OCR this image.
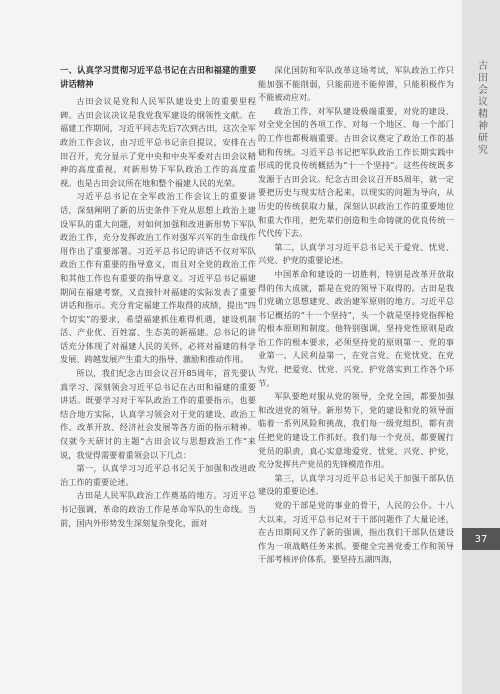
一、认真学习贯彻习近平总书记在古田和福建的重要讲话精神

古田会议是党和人民军队建设史上的重要里程碑。古田会议决议是我党我军建设的纲领性文献。在福建工作期间，习近平同志先后7次到古田，这次全军政治工作会议，由习近平总书记亲自提议，安排在古田召开，充分显示了党中央和中央军委对古田会议精神的高度重视，对新形势下军队政治工作的高度重视。也是古田会议所在地和整个福建人民的光荣。

习近平总书记在全军政治工作会议上的重要讲话，深刻阐明了新的历史条件下党从思想上政治上建设军队的重大问题，对如何加强和改进新形势下军队政治工作，充分发挥政治工作对强军兴军的生命线作用作出了重要部署。习近平总书记的讲话不仅对军队政治工作有重要的指导意义，而且对全党的政治工作和其他工作也有重要的指导意义。习近平总书记福建期间在福建考察，又直接针对福建的实际发表了重要讲话和指示。充分肯定福建工作取得的成绩，提出“四个切实”的要求，希望福建抓住难得机遇，建设机制活、产业优、百姓富、生态美的新福建。总书记的讲话充分体现了对福建人民的关怀，必将对福建的科学发展、跨越发展产生重大的指导、激励和推动作用。

所以，我们纪念古田会议召开85周年，首先要认真学习、深刻领会习近平总书记在古田和福建的重要讲话。既要学习对于军队政治工作的重要指示，也要结合地方实际，认真学习领会对于党的建设、政治工作、改革开放、经济社会发展等各方面的指示精神。仅就今天研讨的主题“古田会议与思想政治工作”来说，我觉得需要着重领会以下几点：

第一，认真学习习近平总书记关于加强和改进政治工作的重要论述。

古田是人民军队政治工作奠基的地方。习近平总书记强调，革命的政治工作是革命军队的生命线。当前，国内外形势发生深刻复杂变化，面对

深化国防和军队改革这场考试，军队政治工作只能加强不能削弱，只能前进不能停滞，只能积极作为不能被动应对。

政治工作，对军队建设极端重要，对党的建设、对全党全国的各项工作、对每一个地区、每一个部门的工作也都极端重要。古田会议奠定了政治工作的基础和传统。习近平总书记把军队政治工作长期实践中形成的优良传统概括为“十一个坚持”。这些传统既多发源于古田会议。纪念古田会议召开85周年，就一定要把历史与现实结合起来，以现实的问题为导向，从历史的传统获取力量，深刻认识政治工作的重要地位和重大作用，把先辈们创造和生命铸就的优良传统一代代传下去。

第二，认真学习习近平总书记关于爱党、忧党、兴党、护党的重要论述。

中国革命和建设的一切胜利，特别是改革开放取得的伟大成就，都是在党的领导下取得的。古田是我们党确立思想建党、政治建军原则的地方。习近平总书记概括的“十一个坚持”，头一个就是坚持党指挥枪的根本原则和制度。他特别强调，坚持党性原则是政治工作的根本要求，必须坚持党的原则第一、党的事业第一、人民利益第一，在党言党、在党忧党、在党为党，把爱党、忧党、兴党、护党落实到工作各个环节。

军队要绝对服从党的领导，全党全国，都要加强和改进党的领导。新形势下，党的建设和党的领导面临着一系列风险和挑战，我们每一级党组织，都有责任把党的建设工作抓好。我们每一个党员，都要履行党员的职责，真心实意地爱党、忧党、兴党、护党，充分发挥共产党员的先锋模范作用。

第三，认真学习习近平总书记关于加强干部队伍建设的重要论述。

党的干部是党的事业的骨干，人民的公仆。十八大以来，习近平总书记对于干部问题作了大量论述，在古田期间又作了新的强调，指出我们干部队伍建设作为一项战略任务来抓。要健全完善党委工作和领导干部考核评价体系，要坚持五湖四海，

古田会议精神研究
37
